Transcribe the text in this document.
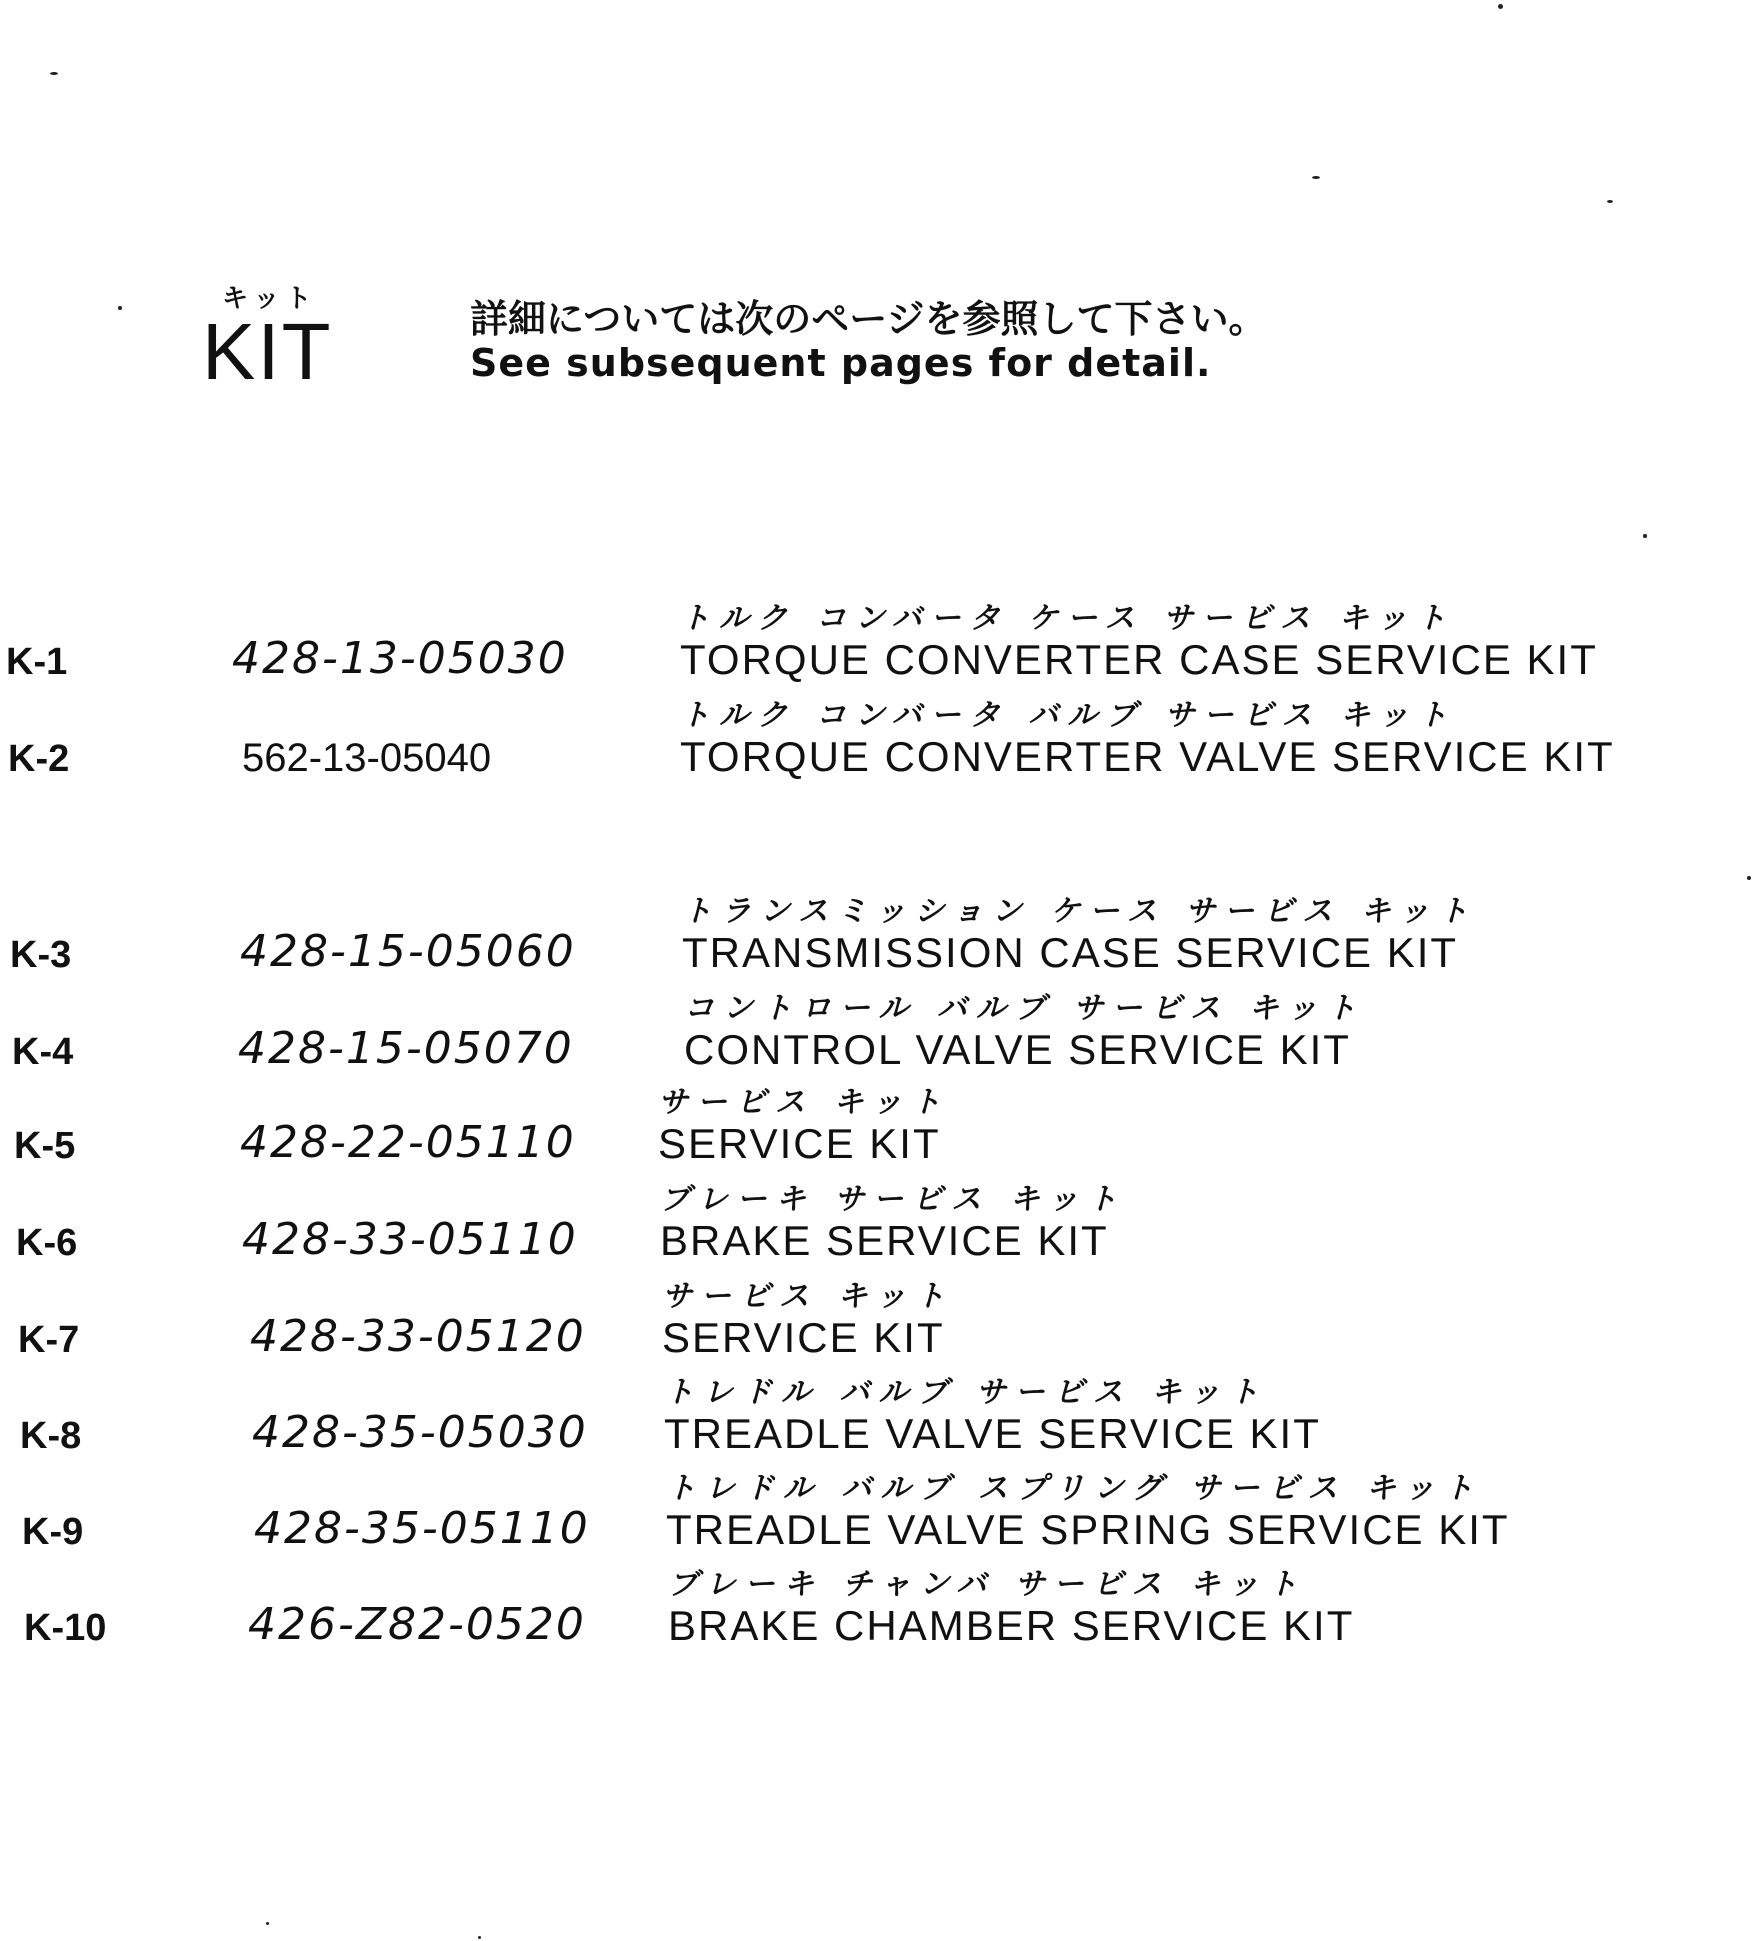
キット
KIT	詳細については次のページを参照して下さい。
See subsequent pages for detail.
K-1	428-13-05030
トルク コンバータ ケース サービス キット
TORQUE CONVERTER CASE SERVICE KIT
K-2	562-13-05040
トルク コンバータ バルブ サービス キット
TORQUE CONVERTER VALVE SERVICE KIT
K-3	428-15-05060
トランスミッション ケース サービス キット
TRANSMISSION CASE SERVICE KIT
K-4	428-15-05070
コントロール バルブ サービス キット
CONTROL VALVE SERVICE KIT
K-5	428-22-05110
サービス キット
SERVICE KIT
K-6	428-33-05110
ブレーキ サービス キット
BRAKE SERVICE KIT
K-7	428-33-05120
サービス キット
SERVICE KIT
K-8	428-35-05030
トレドル バルブ サービス キット
TREADLE VALVE SERVICE KIT
K-9	428-35-05110
トレドル バルブ スプリング サービス キット
TREADLE VALVE SPRING SERVICE KIT
K-10	426-Z82-0520
ブレーキ チャンバ サービス キット
BRAKE CHAMBER SERVICE KIT
